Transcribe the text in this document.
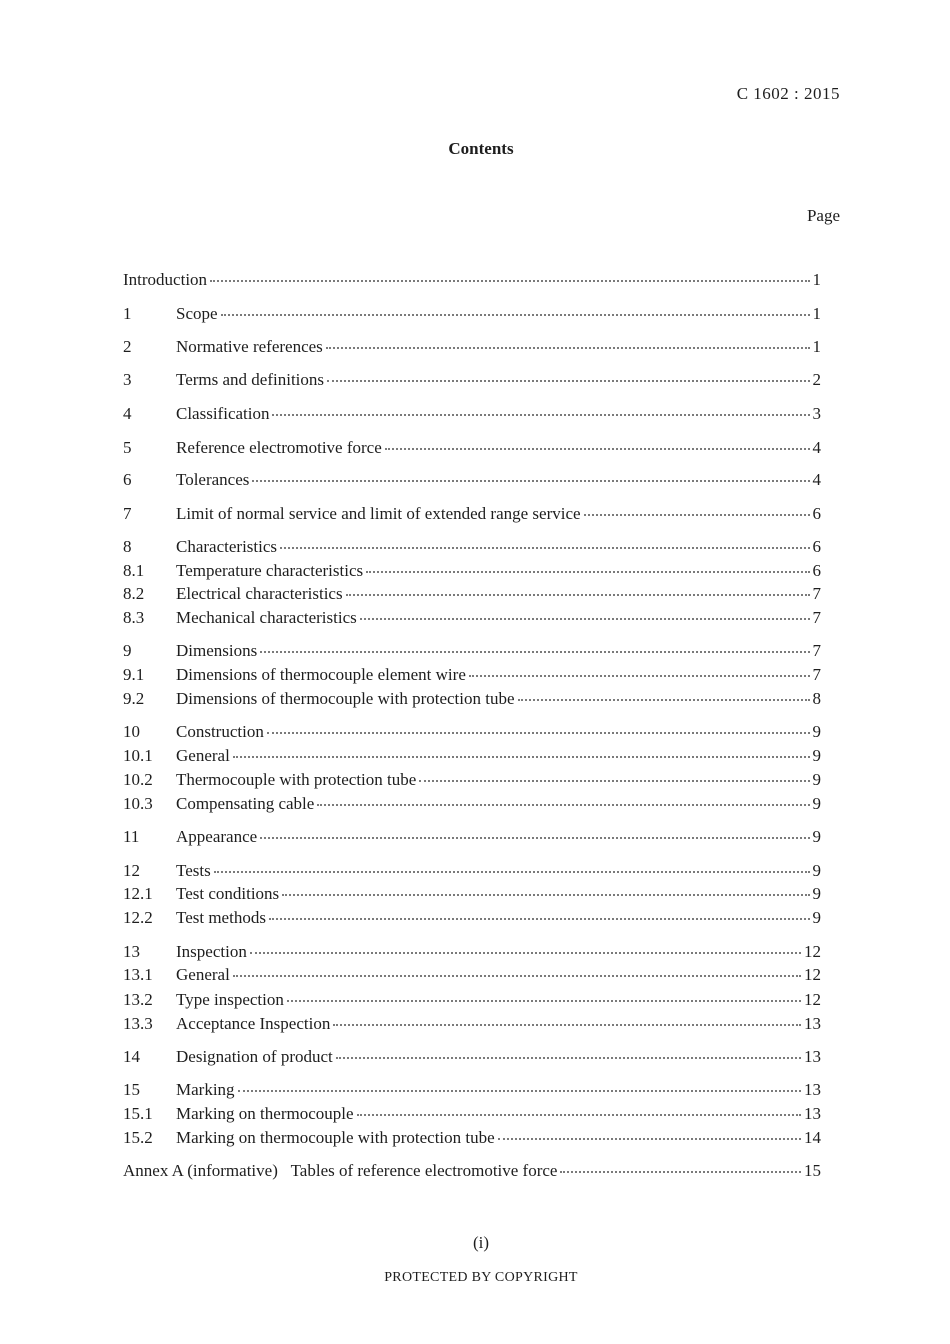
C 1602 : 2015
Contents
Page
Introduction	1
1	Scope	1
2	Normative references	1
3	Terms and definitions	2
4	Classification	3
5	Reference electromotive force	4
6	Tolerances	4
7	Limit of normal service and limit of extended range service	6
8	Characteristics	6
8.1	Temperature characteristics	6
8.2	Electrical characteristics	7
8.3	Mechanical characteristics	7
9	Dimensions	7
9.1	Dimensions of thermocouple element wire	7
9.2	Dimensions of thermocouple with protection tube	8
10	Construction	9
10.1	General	9
10.2	Thermocouple with protection tube	9
10.3	Compensating cable	9
11	Appearance	9
12	Tests	9
12.1	Test conditions	9
12.2	Test methods	9
13	Inspection	12
13.1	General	12
13.2	Type inspection	12
13.3	Acceptance Inspection	13
14	Designation of product	13
15	Marking	13
15.1	Marking on thermocouple	13
15.2	Marking on thermocouple with protection tube	14
Annex A (informative)   Tables of reference electromotive force	15
(i)
PROTECTED BY COPYRIGHT
